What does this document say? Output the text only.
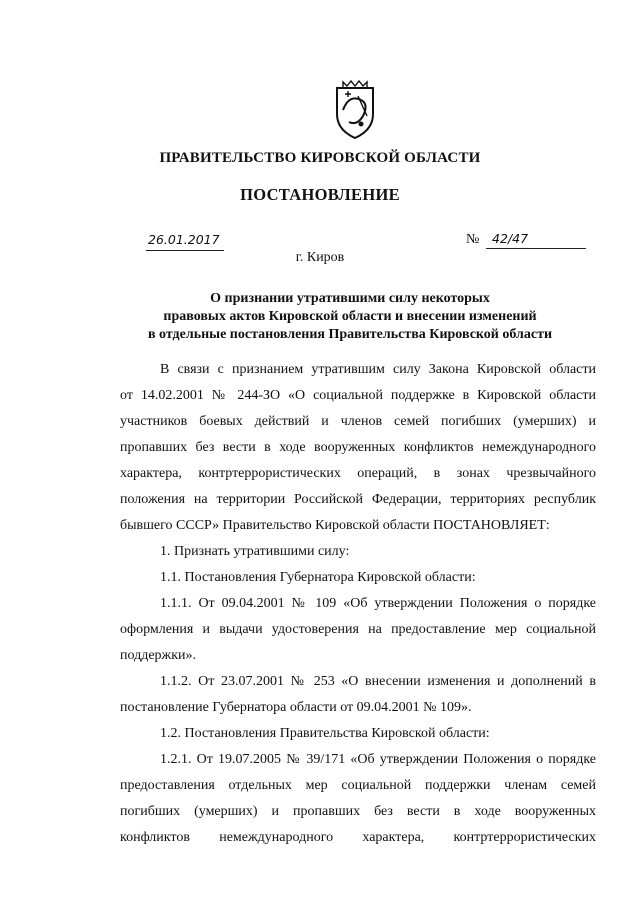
ПРАВИТЕЛЬСТВО КИРОВСКОЙ ОБЛАСТИ
ПОСТАНОВЛЕНИЕ
26.01.2017	№ 42/47
г. Киров
О признании утратившими силу некоторых
правовых актов Кировской области и внесении изменений
в отдельные постановления Правительства Кировской области
В связи с признанием утратившим силу Закона Кировской области
от 14.02.2001 № 244-ЗО «О социальной поддержке в Кировской области
участников боевых действий и членов семей погибших (умерших) и
пропавших без вести в ходе вооруженных конфликтов немеждународного
характера, контртеррористических операций, в зонах чрезвычайного
положения на территории Российской Федерации, территориях республик
бывшего СССР» Правительство Кировской области ПОСТАНОВЛЯЕТ:
1. Признать утратившими силу:
1.1. Постановления Губернатора Кировской области:
1.1.1. От 09.04.2001 № 109 «Об утверждении Положения о порядке
оформления и выдачи удостоверения на предоставление мер социальной
поддержки».
1.1.2. От 23.07.2001 № 253 «О внесении изменения и дополнений в
постановление Губернатора области от 09.04.2001 № 109».
1.2. Постановления Правительства Кировской области:
1.2.1. От 19.07.2005 № 39/171 «Об утверждении Положения о порядке
предоставления отдельных мер социальной поддержки членам семей
погибших (умерших) и пропавших без вести в ходе вооруженных
конфликтов немеждународного характера, контртеррористических
